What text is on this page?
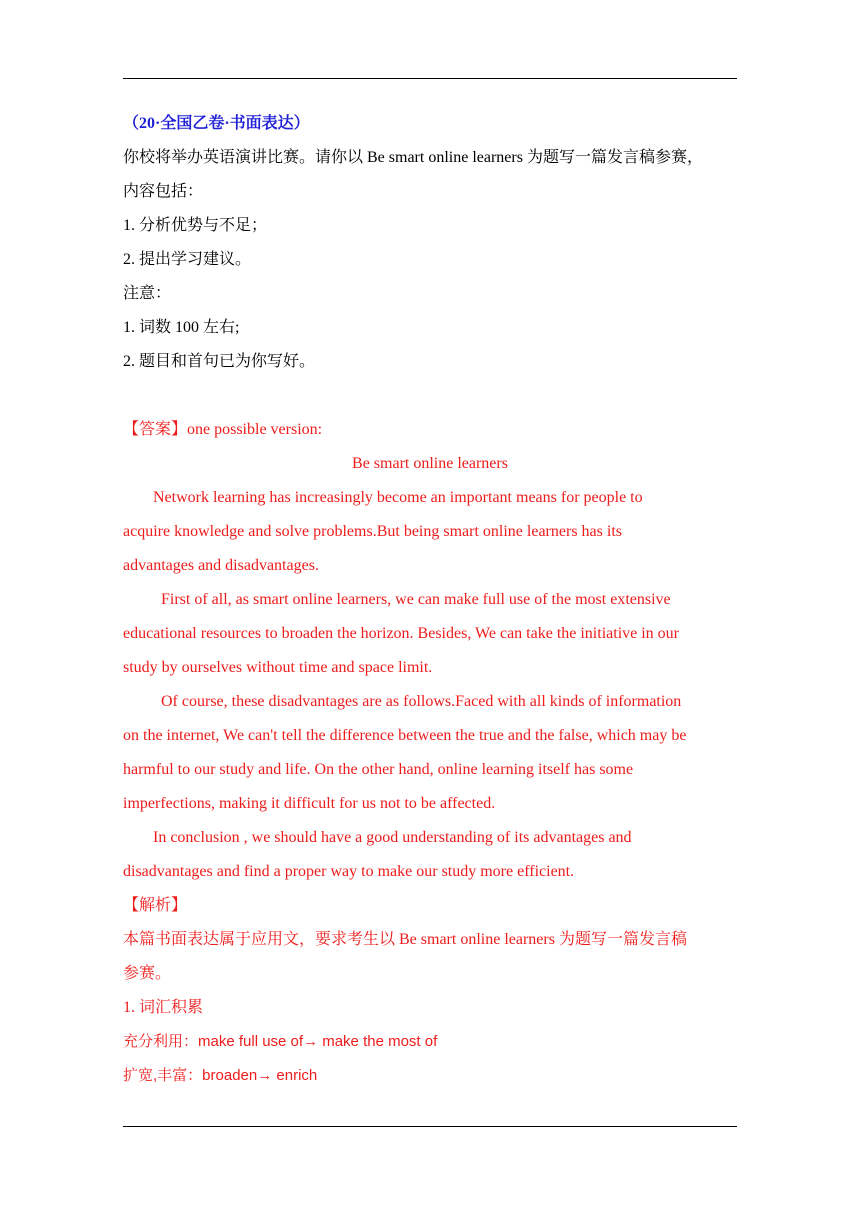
（20·全国乙卷·书面表达）
你校将举办英语演讲比赛。请你以 Be smart online learners 为题写一篇发言稿参赛，
内容包括：
1. 分析优势与不足；
2. 提出学习建议。
注意：
1. 词数 100 左右;
2. 题目和首句已为你写好。
【答案】one possible version:
Be smart online learners
Network learning has increasingly become an important means for people to
acquire knowledge and solve problems.But being smart online learners has its
advantages and disadvantages.
First of all, as smart online learners, we can make full use of the most extensive
educational resources to broaden the horizon. Besides, We can take the initiative in our
study by ourselves without time and space limit.
Of course, these disadvantages are as follows.Faced with all kinds of information
on the internet, We can't tell the difference between the true and the false, which may be
harmful to our study and life. On the other hand, online learning itself has some
imperfections, making it difficult for us not to be affected.
In conclusion , we should have a good understanding of its advantages and
disadvantages and find a proper way to make our study more efficient.
【解析】
本篇书面表达属于应用文，要求考生以 Be smart online learners 为题写一篇发言稿
参赛。
1. 词汇积累
充分利用：make full use of→ make the most of
扩宽,丰富：broaden→ enrich
